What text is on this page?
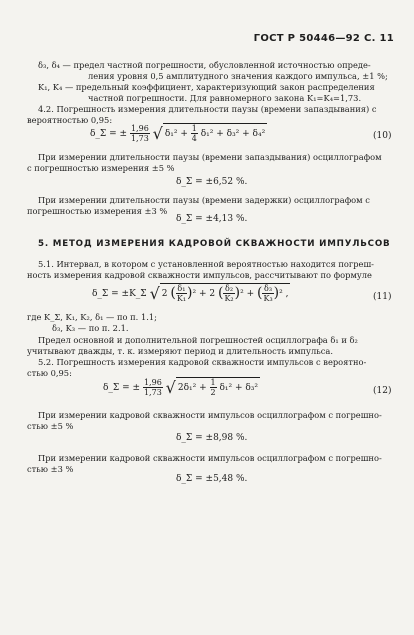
ГОСТ Р 50446—92 С. 11
δ₃, δ₄ — предел частной погрешности, обусловленной источностью опреде-
ления уровня 0,5 амплитудного значения каждого импульса, ±1 %;
K₁, K₄ — предельный коэффициент, характеризующий закон распределения
частной погрешности. Для равномерного закона K₁=K₄=1,73.
4.2. Погрешность измерения длительности паузы (времени запаздывания) с
вероятностью 0,95:
δ_Σ = ± $\frac{1,96}{1,73}$ √ $\delta_1^2 + \frac{1}{4} \delta_1^2 + \delta_3^2 + \delta_4^2$	(10)
При измерении длительности паузы (времени запаздывания) осциллографом
с погрешностью измерения ±5 %
δ_Σ = ±6,52 %.
При измерении длительности паузы (времени задержки) осциллографом с
погрешностью измерения ±3 %
δ_Σ = ±4,13 %.
5. МЕТОД ИЗМЕРЕНИЯ КАДРОВОЙ СКВАЖНОСТИ ИМПУЛЬСОВ
5.1. Интервал, в котором с установленной вероятностью находится погреш-
ность измерения кадровой скважности импульсов, рассчитывают по формуле
δ_Σ = ±K_Σ √ 2 ( $\frac{\text{δ₁}}{\text{K₁}} )^2 + 2$ ( $\frac{\text{δ₂}}{\text{K₂}} )^2$ + ( $\frac{\text{δ₃}}{\text{K₃}} )^2$ ,	(11)
где K_Σ, K₁, K₂, δ₁ — по п. 1.1;
δ₃, K₃ — по п. 2.1.
Предел основной и дополнительной погрешностей осциллографа δ₁ и δ₂
учитывают дважды, т. к. измеряют период и длительность импульса.
5.2. Погрешность измерения кадровой скважности импульсов с вероятно-
стью 0,95:
δ_Σ = ± $\frac{1,96}{1,73}$ √ $2\delta_1^2 + \frac{1}{2} \delta_1^2 + \delta_3^2$	(12)
При измерении кадровой скважности импульсов осциллографом с погрешно-
стью ±5 %
δ_Σ = ±8,98 %.
При измерении кадровой скважности импульсов осциллографом с погрешно-
стью ±3 %
δ_Σ = ±5,48 %.
